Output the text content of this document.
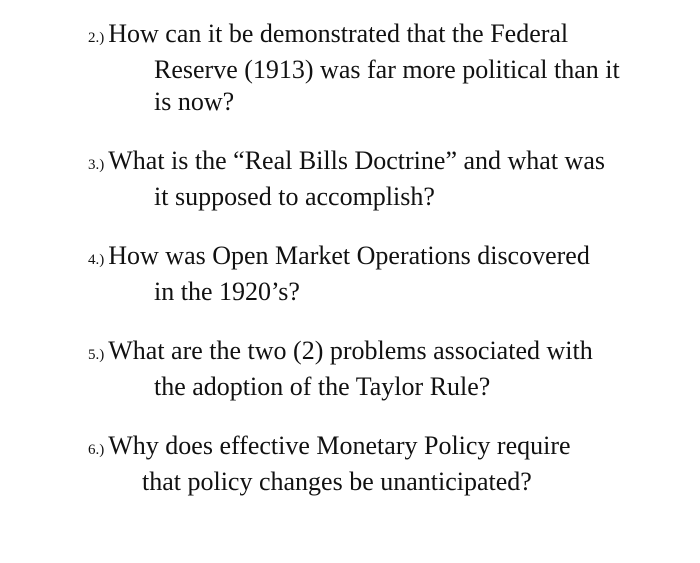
2.) How can it be demonstrated that the Federal
Reserve (1913) was far more political than it
is now?
3.) What is the “Real Bills Doctrine” and what was
it supposed to accomplish?
4.) How was Open Market Operations discovered
in the 1920’s?
5.) What are the two (2) problems associated with
the adoption of the Taylor Rule?
6.) Why does effective Monetary Policy require
that policy changes be unanticipated?
